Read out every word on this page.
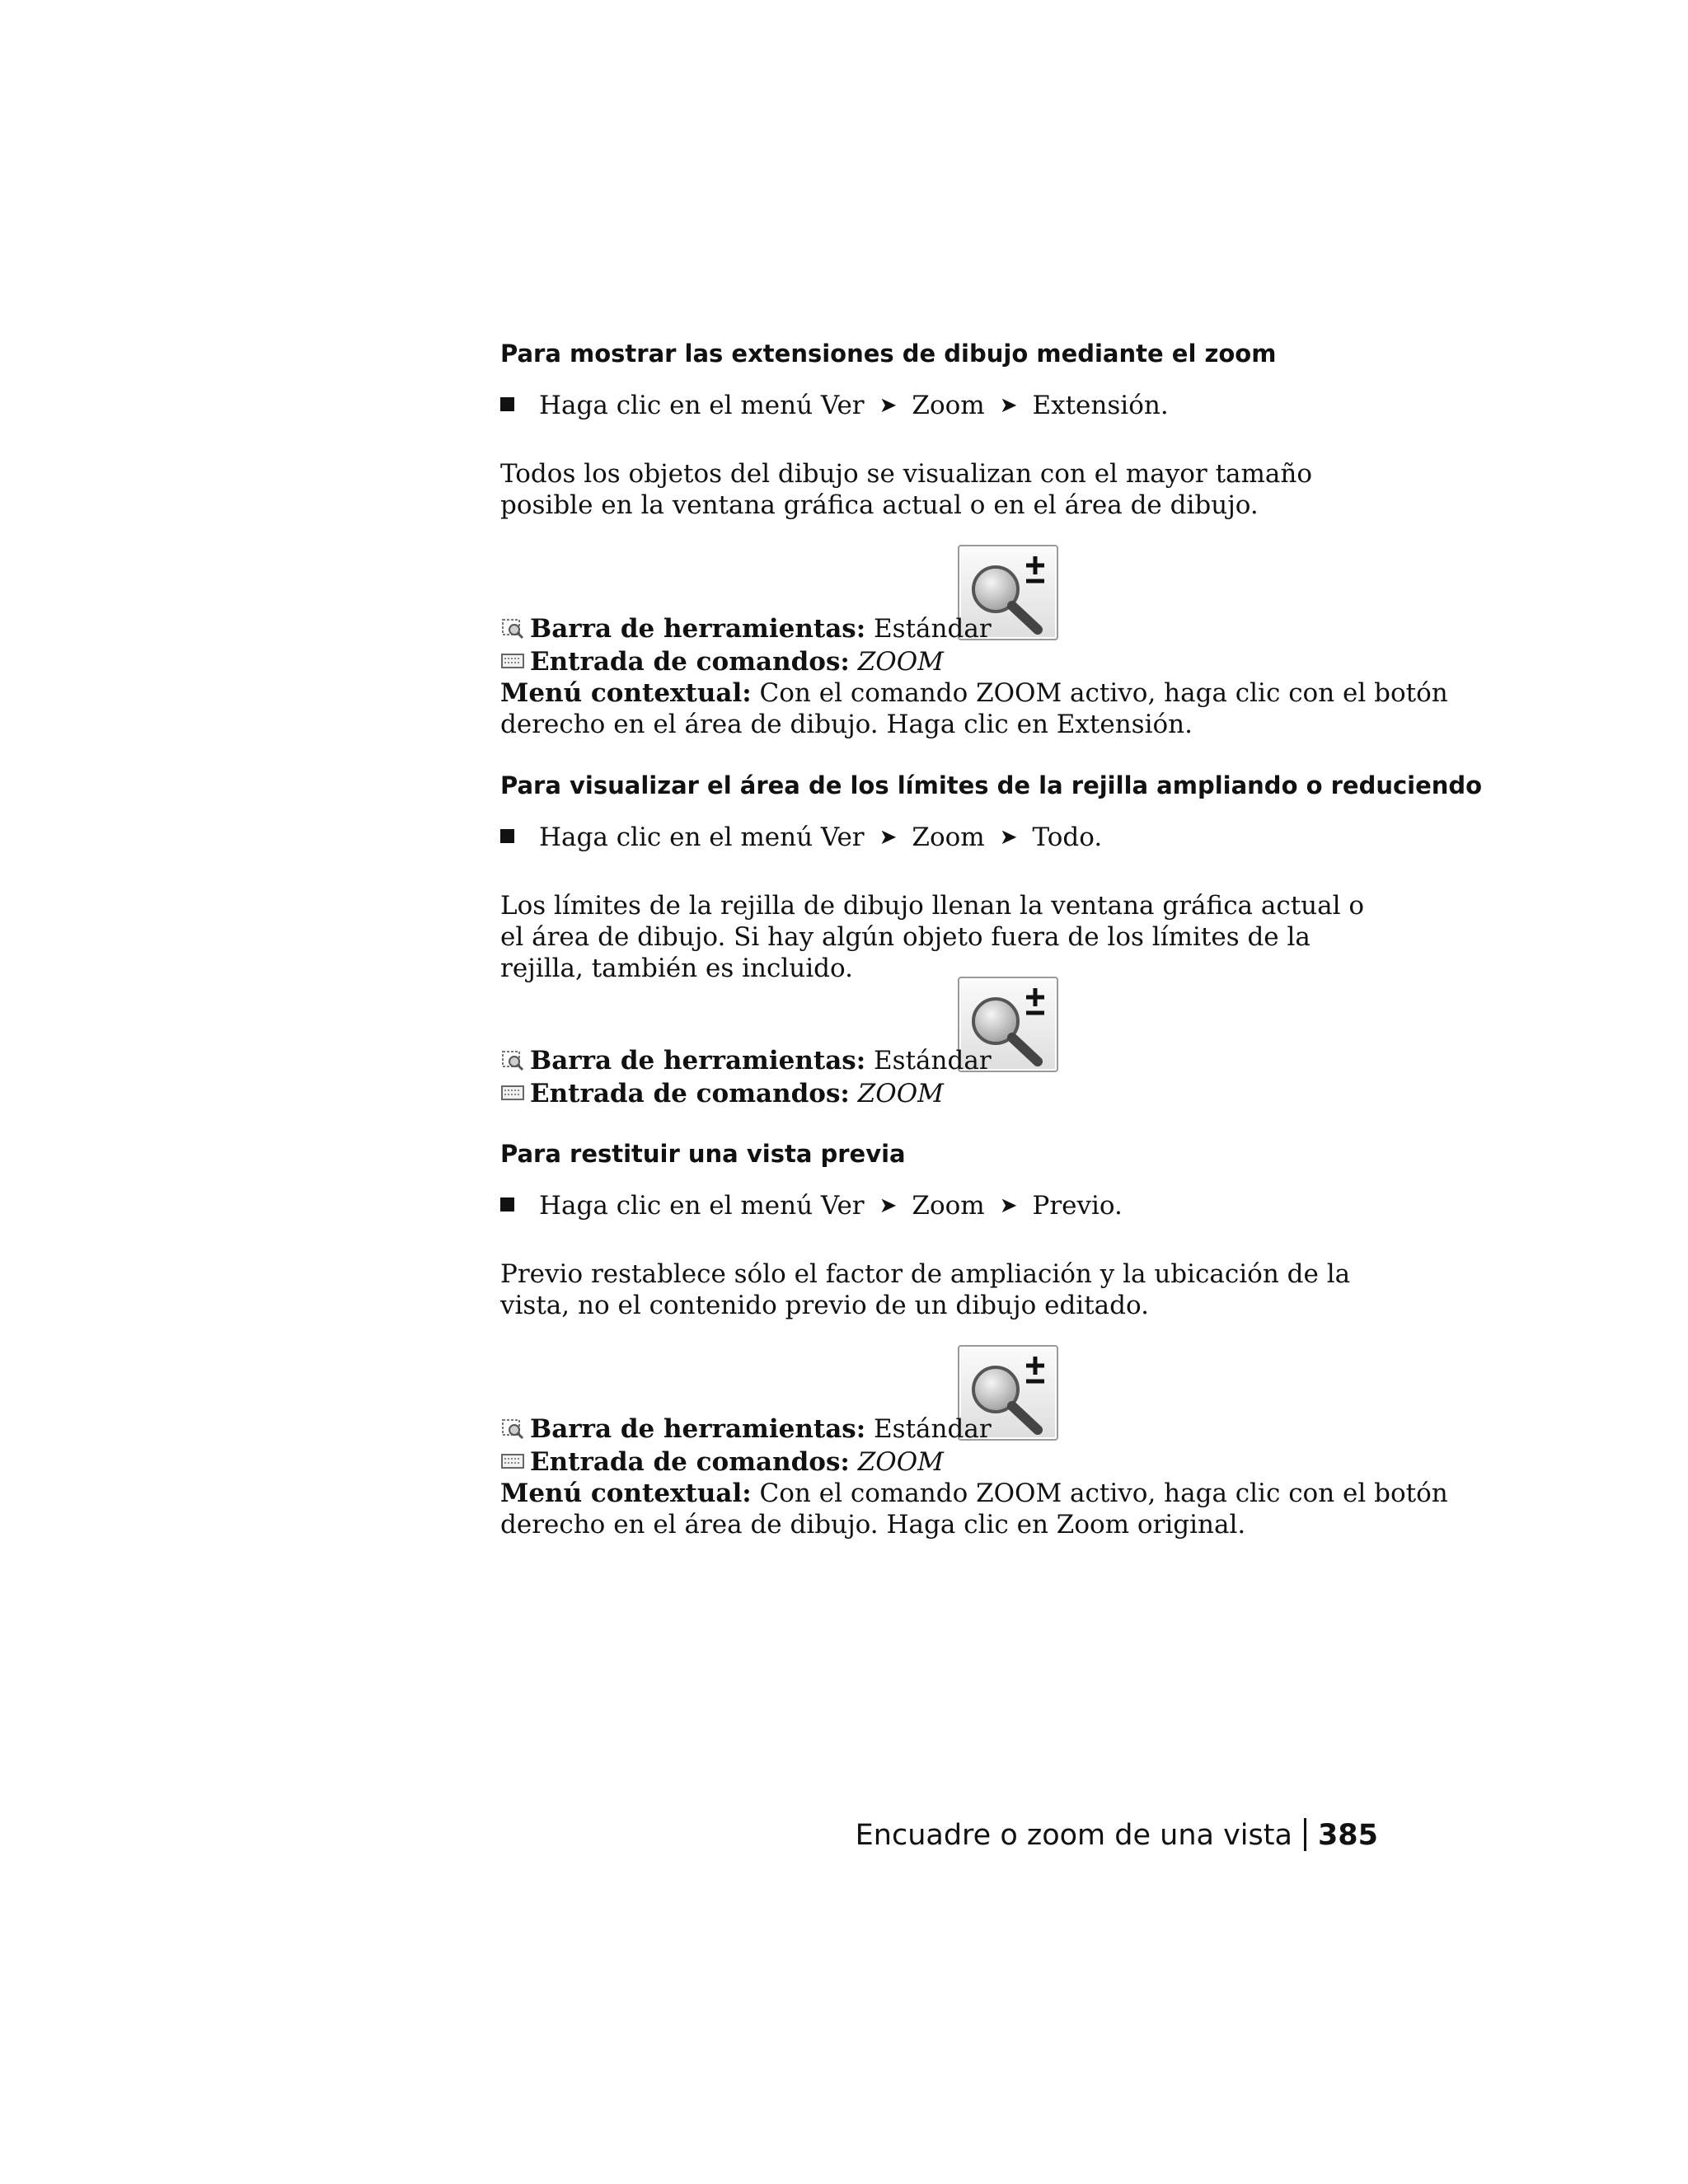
Para mostrar las extensiones de dibujo mediante el zoom
Haga clic en el menú Ver ➤ Zoom ➤ Extensión.
Todos los objetos del dibujo se visualizan con el mayor tamaño posible en la ventana gráfica actual o en el área de dibujo.
Barra de herramientas: Estándar
Entrada de comandos: ZOOM
Menú contextual: Con el comando ZOOM activo, haga clic con el botón
derecho en el área de dibujo. Haga clic en Extensión.
Para visualizar el área de los límites de la rejilla ampliando o reduciendo
Haga clic en el menú Ver ➤ Zoom ➤ Todo.
Los límites de la rejilla de dibujo llenan la ventana gráfica actual o el área de dibujo. Si hay algún objeto fuera de los límites de la rejilla, también es incluido.
Barra de herramientas: Estándar
Entrada de comandos: ZOOM
Para restituir una vista previa
Haga clic en el menú Ver ➤ Zoom ➤ Previo.
Previo restablece sólo el factor de ampliación y la ubicación de la vista, no el contenido previo de un dibujo editado.
Barra de herramientas: Estándar
Entrada de comandos: ZOOM
Menú contextual: Con el comando ZOOM activo, haga clic con el botón
derecho en el área de dibujo. Haga clic en Zoom original.
Encuadre o zoom de una vista 385
